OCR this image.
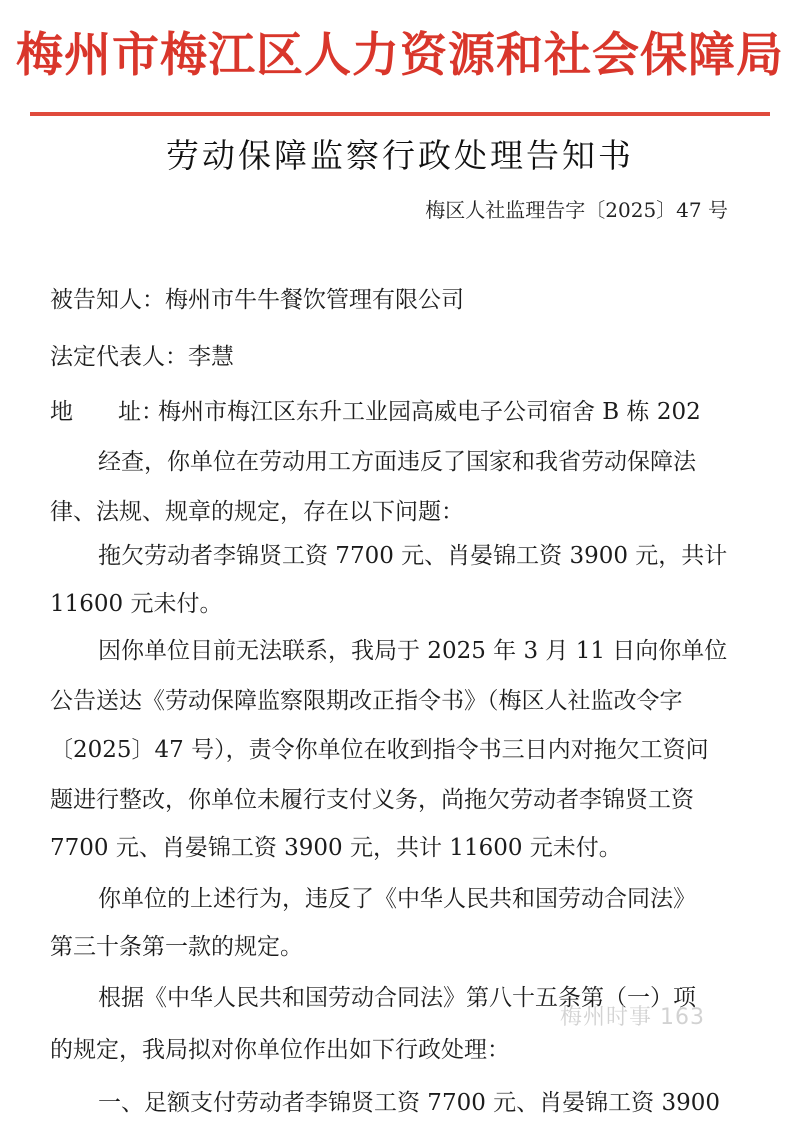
梅州市梅江区人力资源和社会保障局
劳动保障监察行政处理告知书
梅区人社监理告字〔2025〕47 号
被告知人：梅州市牛牛餐饮管理有限公司
法定代表人：李慧
地 址：梅州市梅江区东升工业园高威电子公司宿舍 B 栋 202
经查，你单位在劳动用工方面违反了国家和我省劳动保障法
律、法规、规章的规定，存在以下问题：
拖欠劳动者李锦贤工资 7700 元、肖晏锦工资 3900 元，共计
11600 元未付。
因你单位目前无法联系，我局于 2025 年 3 月 11 日向你单位
公告送达《劳动保障监察限期改正指令书》（梅区人社监改令字
〔2025〕47 号），责令你单位在收到指令书三日内对拖欠工资问
题进行整改，你单位未履行支付义务，尚拖欠劳动者李锦贤工资
7700 元、肖晏锦工资 3900 元，共计 11600 元未付。
你单位的上述行为，违反了《中华人民共和国劳动合同法》
第三十条第一款的规定。
根据《中华人民共和国劳动合同法》第八十五条第（一）项
的规定，我局拟对你单位作出如下行政处理：
一、足额支付劳动者李锦贤工资 7700 元、肖晏锦工资 3900
梅州时事 163
